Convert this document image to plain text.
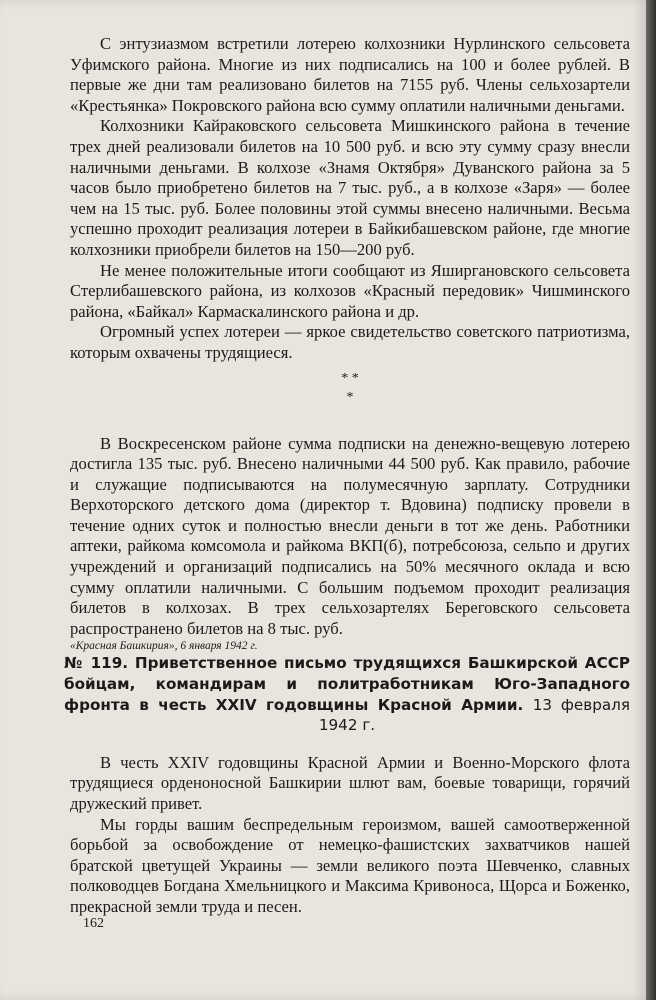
С энтузиазмом встретили лотерею колхозники Нурлинского сельсовета Уфимского района. Многие из них подписались на 100 и более рублей. В первые же дни там реализовано билетов на 7155 руб. Члены сельхозартели «Крестьянка» Покровского района всю сумму оплатили наличными деньгами.

Колхозники Кайраковского сельсовета Мишкинского района в течение трех дней реализовали билетов на 10 500 руб. и всю эту сумму сразу внесли наличными деньгами. В колхозе «Знамя Октября» Дуванского района за 5 часов было приобретено билетов на 7 тыс. руб., а в колхозе «Заря» — более чем на 15 тыс. руб. Более половины этой суммы внесено наличными. Весьма успешно проходит реализация лотереи в Байкибашевском районе, где многие колхозники приобрели билетов на 150—200 руб.

Не менее положительные итоги сообщают из Яширгановского сельсовета Стерлибашевского района, из колхозов «Красный передовик» Чишминского района, «Байкал» Кармаскалинского района и др.

Огромный успех лотереи — яркое свидетельство советского патриотизма, которым охвачены трудящиеся.

* *
*

В Воскресенском районе сумма подписки на денежно-вещевую лотерею достигла 135 тыс. руб. Внесено наличными 44 500 руб. Как правило, рабочие и служащие подписываются на полумесячную зарплату. Сотрудники Верхоторского детского дома (директор т. Вдовина) подписку провели в течение одних суток и полностью внесли деньги в тот же день. Работники аптеки, райкома комсомола и райкома ВКП(б), потребсоюза, сельпо и других учреждений и организаций подписались на 50% месячного оклада и всю сумму оплатили наличными. С большим подъемом проходит реализация билетов в колхозах. В трех сельхозартелях Береговского сельсовета распространено билетов на 8 тыс. руб.

«Красная Башкирия», 6 января 1942 г.

№ 119. Приветственное письмо трудящихся Башкирской АССР бойцам, командирам и политработникам Юго-Западного фронта в честь XXIV годовщины Красной Армии. 13 февраля 1942 г.

В честь XXIV годовщины Красной Армии и Военно-Морского флота трудящиеся орденоносной Башкирии шлют вам, боевые товарищи, горячий дружеский привет.

Мы горды вашим беспредельным героизмом, вашей самоотверженной борьбой за освобождение от немецко-фашистских захватчиков нашей братской цветущей Украины — земли великого поэта Шевченко, славных полководцев Богдана Хмельницкого и Максима Кривоноса, Щорса и Боженко, прекрасной земли труда и песен.

162
